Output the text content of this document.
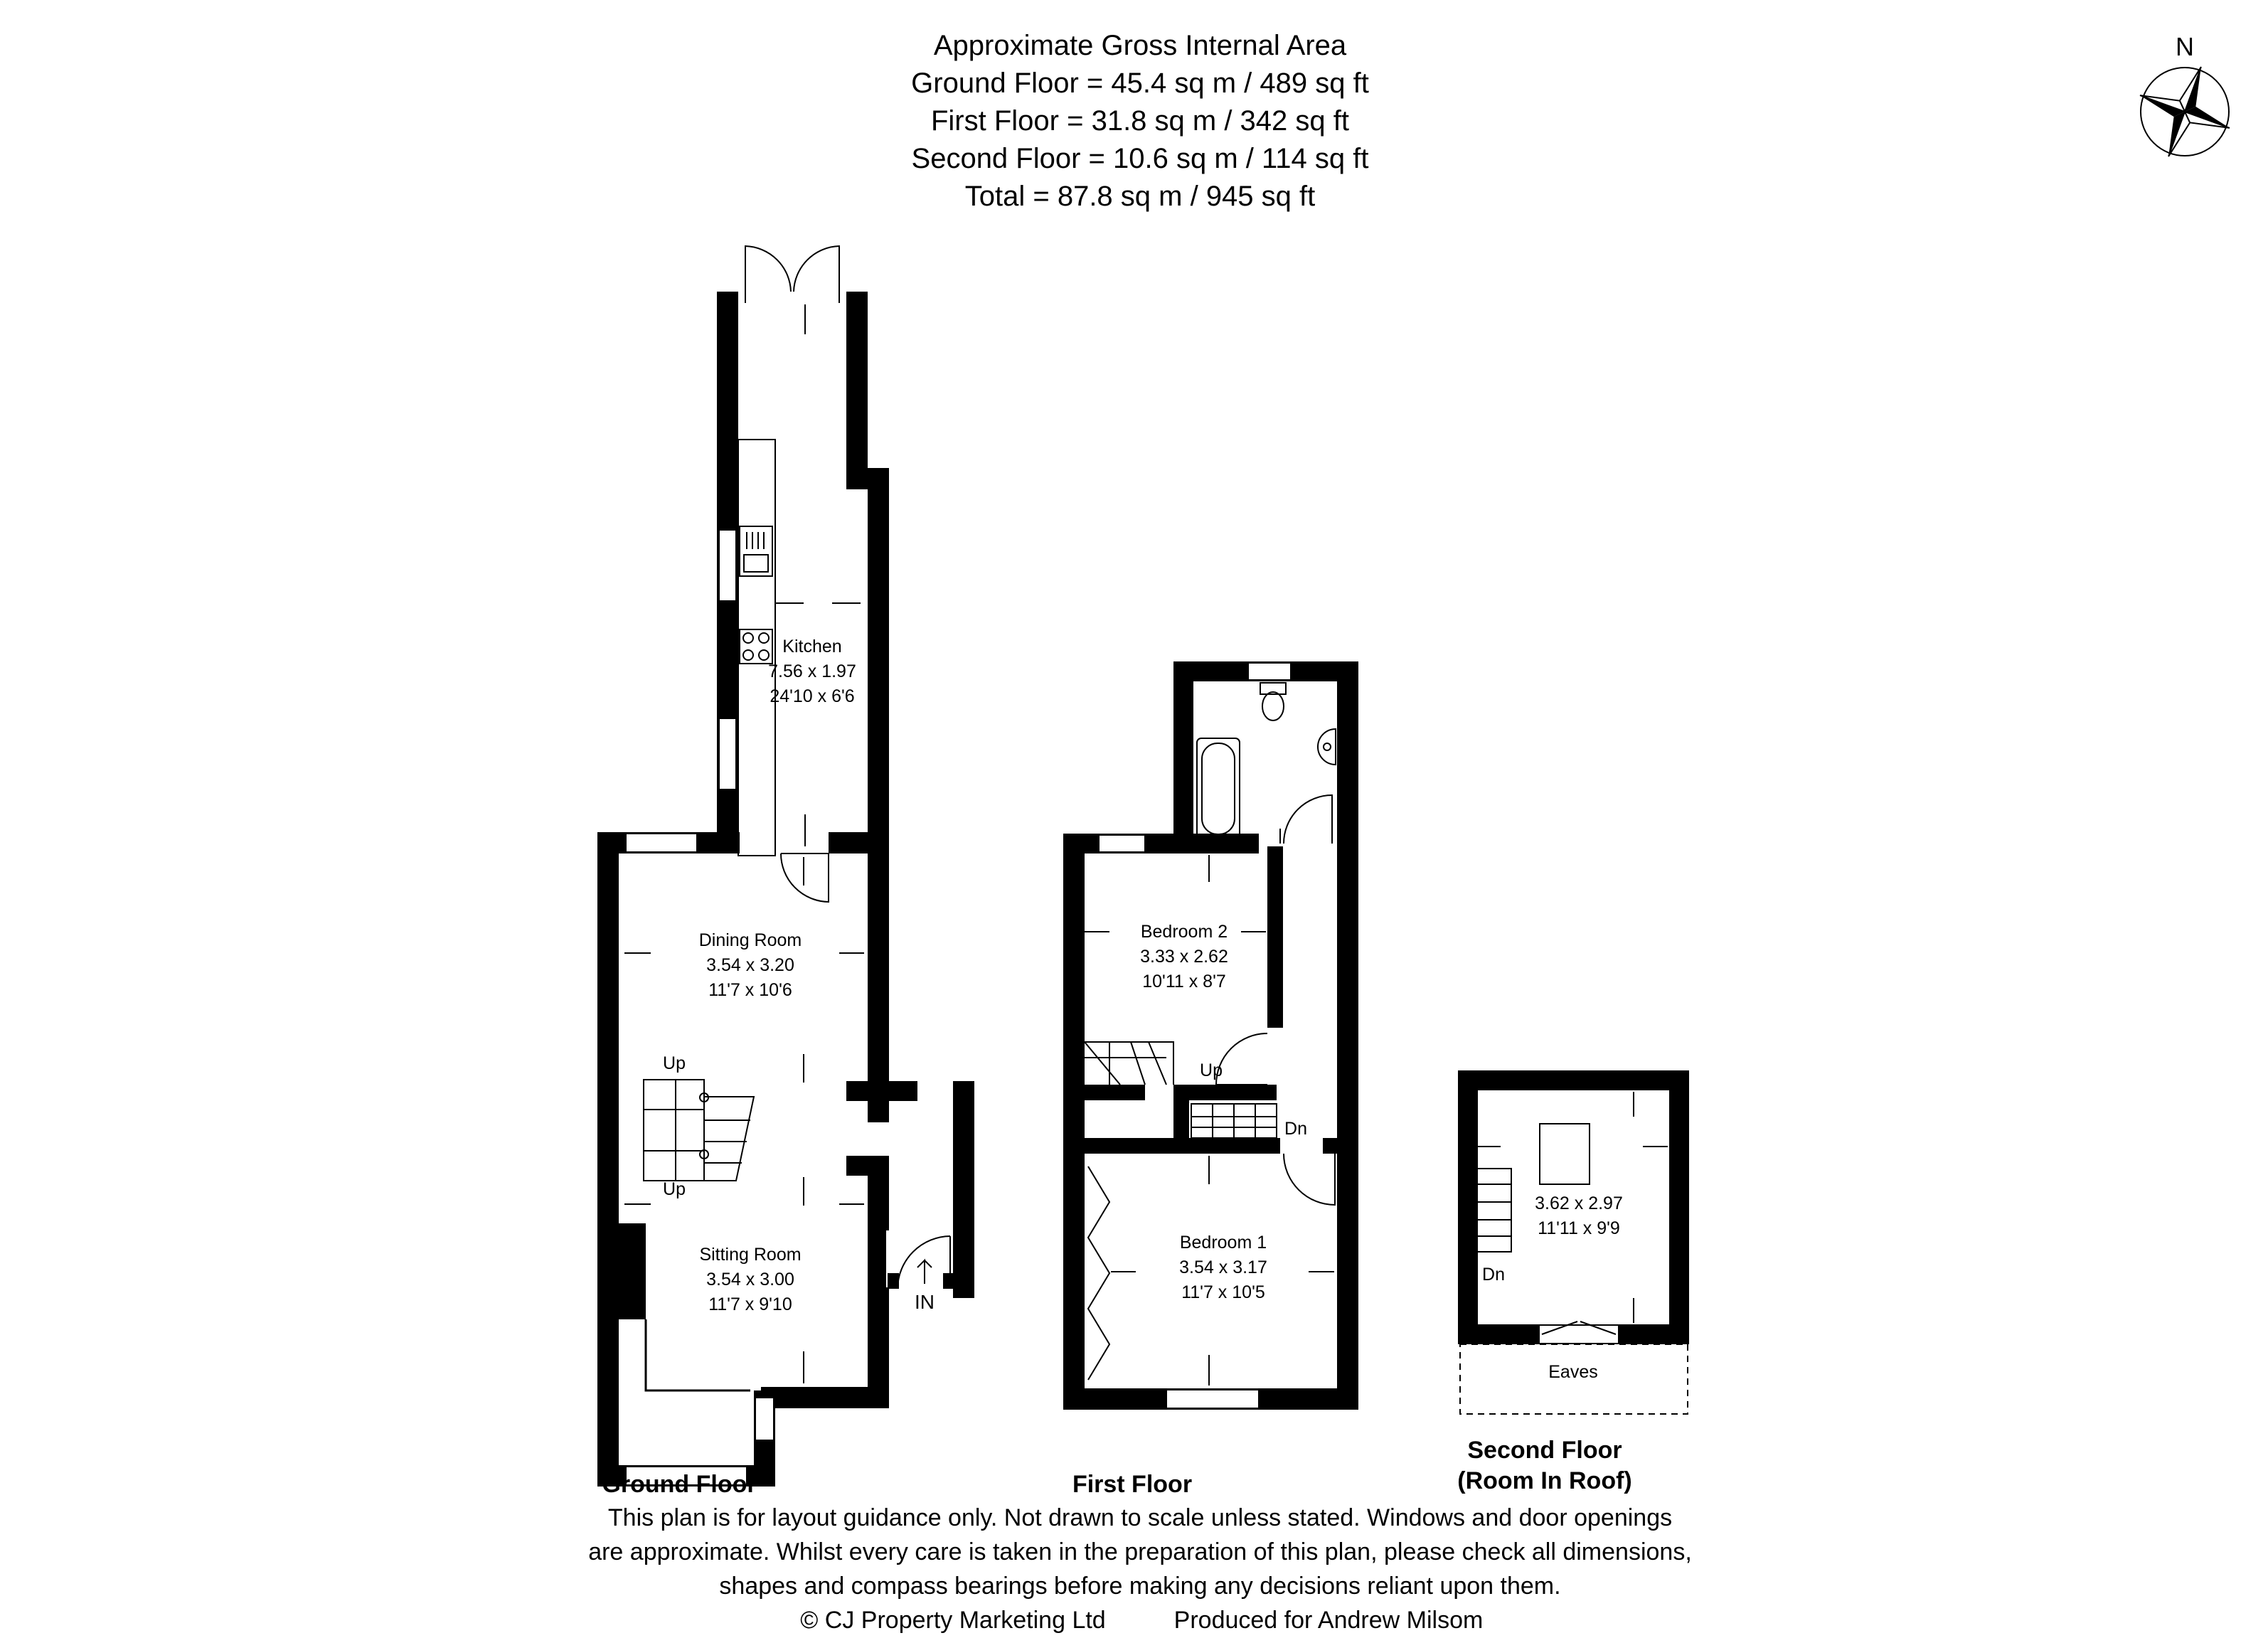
Approximate Gross Internal Area
Ground Floor = 45.4 sq m / 489 sq ft
First Floor = 31.8 sq m / 342 sq ft
Second Floor = 10.6 sq m / 114 sq ft
Total = 87.8 sq m / 945 sq ft
N
Kitchen
7.56 x 1.97
24'10 x 6'6
IN
Up
Up
Dining Room
3.54 x 3.20
11'7 x 10'6
Sitting Room
3.54 x 3.00
11'7 x 9'10
Ground Floor
Up
Dn
Bedroom 2
3.33 x 2.62
10'11 x 8'7
Bedroom 1
3.54 x 3.17
11'7 x 10'5
First Floor
Dn
3.62 x 2.97
11'11 x 9'9
Eaves
Second Floor
(Room In Roof)
This plan is for layout guidance only. Not drawn to scale unless stated. Windows and door openings
are approximate. Whilst every care is taken in the preparation of this plan, please check all dimensions,
shapes and compass bearings before making any decisions reliant upon them.
© CJ Property Marketing Ltd	Produced for Andrew Milsom
